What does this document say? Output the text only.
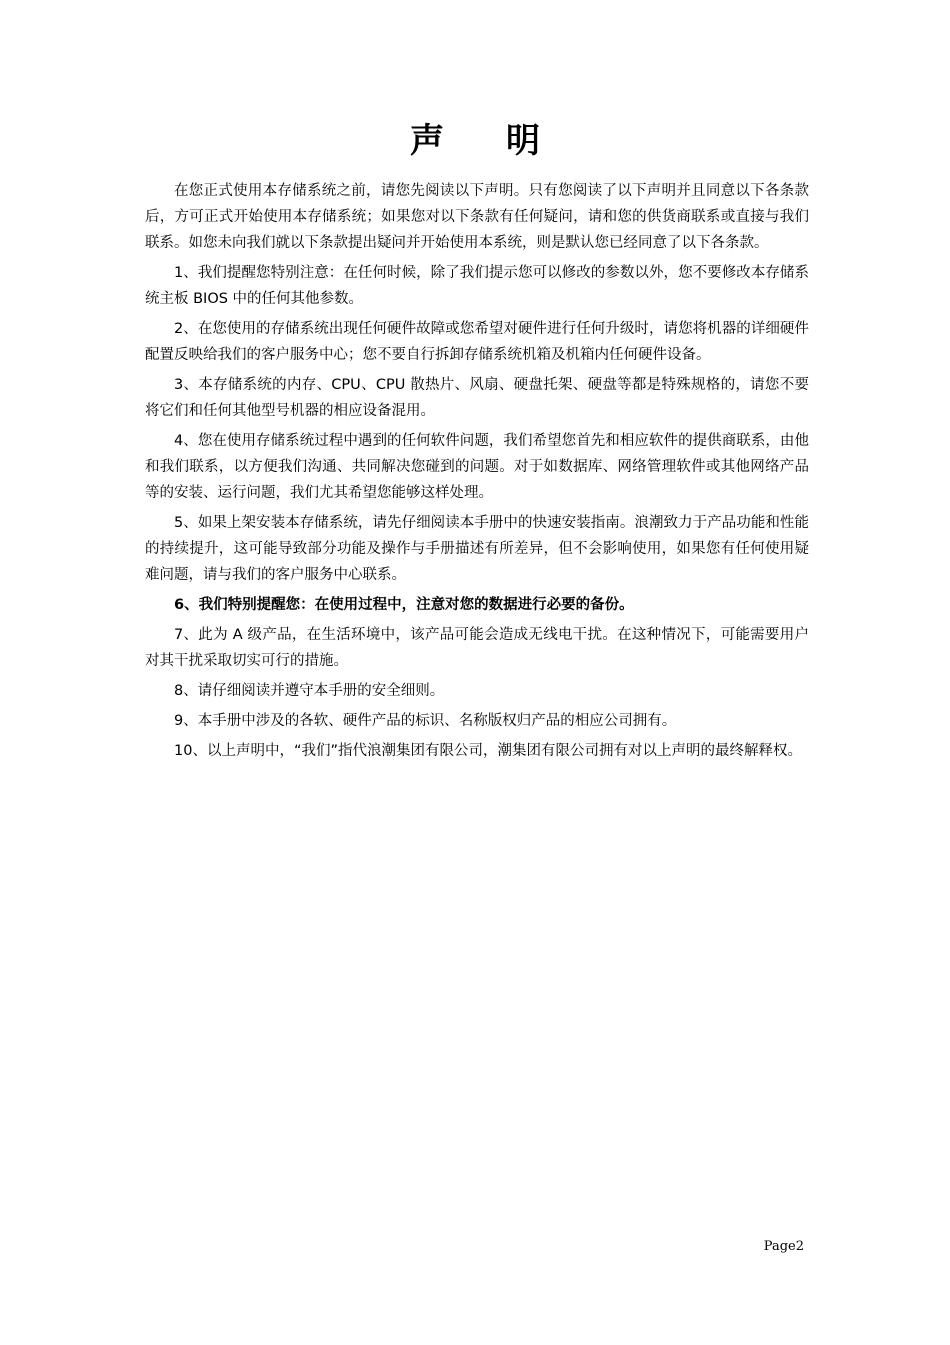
声明

在您正式使用本存储系统之前，请您先阅读以下声明。只有您阅读了以下声明并且同意以下各条款后，方可正式开始使用本存储系统；如果您对以下条款有任何疑问，请和您的供货商联系或直接与我们联系。如您未向我们就以下条款提出疑问并开始使用本系统，则是默认您已经同意了以下各条款。

1、我们提醒您特别注意：在任何时候，除了我们提示您可以修改的参数以外，您不要修改本存储系统主板 BIOS 中的任何其他参数。

2、在您使用的存储系统出现任何硬件故障或您希望对硬件进行任何升级时，请您将机器的详细硬件配置反映给我们的客户服务中心；您不要自行拆卸存储系统机箱及机箱内任何硬件设备。

3、本存储系统的内存、CPU、CPU 散热片、风扇、硬盘托架、硬盘等都是特殊规格的，请您不要将它们和任何其他型号机器的相应设备混用。

4、您在使用存储系统过程中遇到的任何软件问题，我们希望您首先和相应软件的提供商联系，由他和我们联系，以方便我们沟通、共同解决您碰到的问题。对于如数据库、网络管理软件或其他网络产品等的安装、运行问题，我们尤其希望您能够这样处理。

5、如果上架安装本存储系统，请先仔细阅读本手册中的快速安装指南。浪潮致力于产品功能和性能的持续提升，这可能导致部分功能及操作与手册描述有所差异，但不会影响使用，如果您有任何使用疑难问题，请与我们的客户服务中心联系。

6、我们特别提醒您：在使用过程中，注意对您的数据进行必要的备份。

7、此为 A 级产品，在生活环境中，该产品可能会造成无线电干扰。在这种情况下，可能需要用户对其干扰采取切实可行的措施。

8、请仔细阅读并遵守本手册的安全细则。

9、本手册中涉及的各软、硬件产品的标识、名称版权归产品的相应公司拥有。

10、以上声明中，“我们”指代浪潮集团有限公司，潮集团有限公司拥有对以上声明的最终解释权。

Page2
